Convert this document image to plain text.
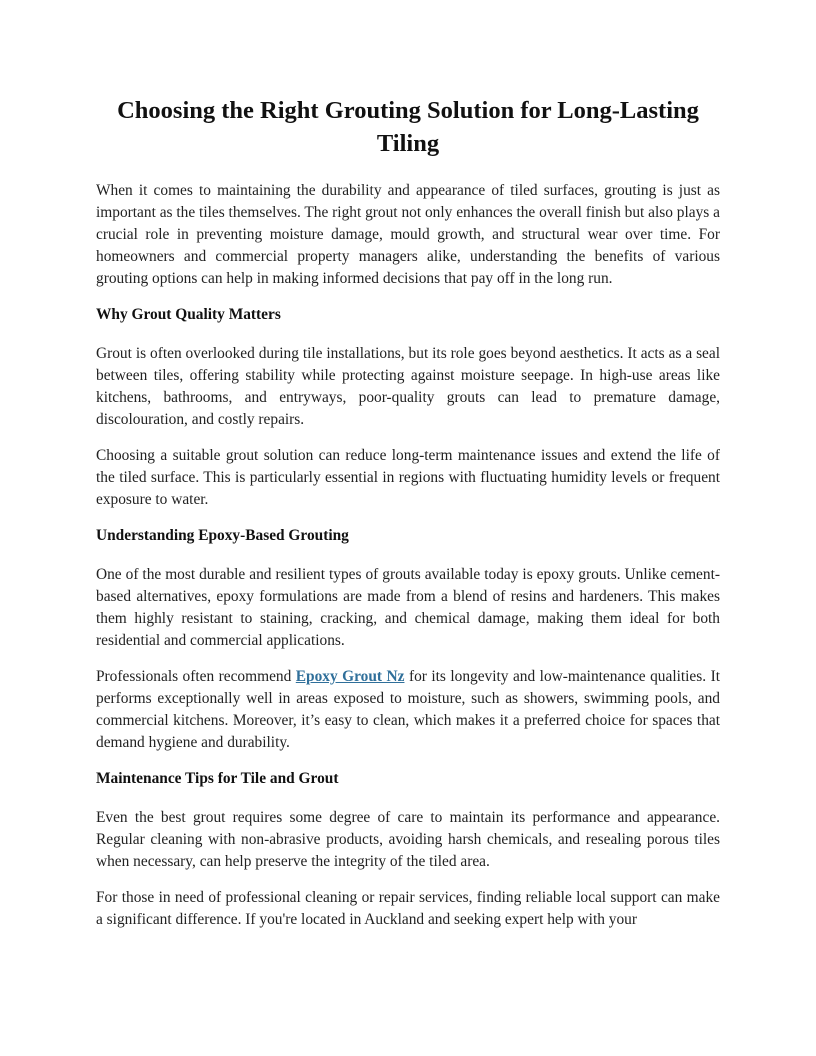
Choosing the Right Grouting Solution for Long-Lasting Tiling

When it comes to maintaining the durability and appearance of tiled surfaces, grouting is just as important as the tiles themselves. The right grout not only enhances the overall finish but also plays a crucial role in preventing moisture damage, mould growth, and structural wear over time. For homeowners and commercial property managers alike, understanding the benefits of various grouting options can help in making informed decisions that pay off in the long run.

Why Grout Quality Matters

Grout is often overlooked during tile installations, but its role goes beyond aesthetics. It acts as a seal between tiles, offering stability while protecting against moisture seepage. In high-use areas like kitchens, bathrooms, and entryways, poor-quality grouts can lead to premature damage, discolouration, and costly repairs.

Choosing a suitable grout solution can reduce long-term maintenance issues and extend the life of the tiled surface. This is particularly essential in regions with fluctuating humidity levels or frequent exposure to water.

Understanding Epoxy-Based Grouting

One of the most durable and resilient types of grouts available today is epoxy grouts. Unlike cement-based alternatives, epoxy formulations are made from a blend of resins and hardeners. This makes them highly resistant to staining, cracking, and chemical damage, making them ideal for both residential and commercial applications.

Professionals often recommend Epoxy Grout Nz for its longevity and low-maintenance qualities. It performs exceptionally well in areas exposed to moisture, such as showers, swimming pools, and commercial kitchens. Moreover, it’s easy to clean, which makes it a preferred choice for spaces that demand hygiene and durability.

Maintenance Tips for Tile and Grout

Even the best grout requires some degree of care to maintain its performance and appearance. Regular cleaning with non-abrasive products, avoiding harsh chemicals, and resealing porous tiles when necessary, can help preserve the integrity of the tiled area.

For those in need of professional cleaning or repair services, finding reliable local support can make a significant difference. If you're located in Auckland and seeking expert help with your
